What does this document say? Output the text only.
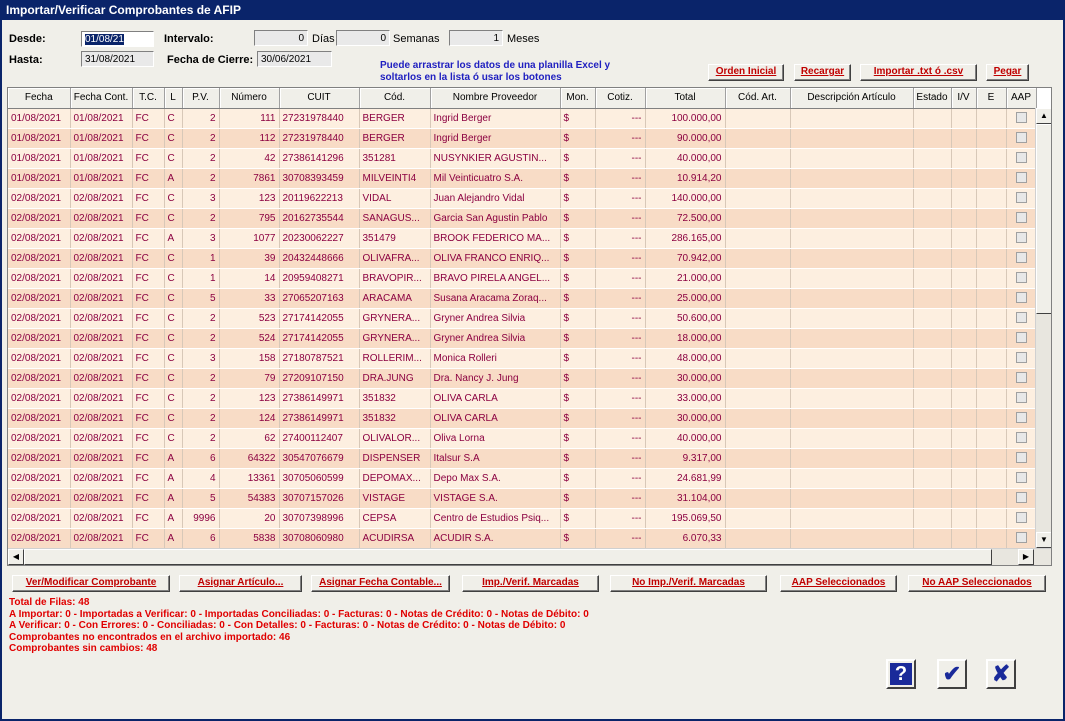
Importar/Verificar Comprobantes de AFIP
Desde:	01/08/21
Hasta:	31/08/2021
Intervalo:	0 Días	0 Semanas	1 Meses
Fecha de Cierre: 30/06/2021
Puede arrastrar los datos de una planilla Excel y soltarlos en la lista ó usar los botones
Orden Inicial	Recargar	Importar .txt ó .csv	Pegar
Fecha	Fecha Cont.	T.C.	L	P.V.	Número	CUIT	Cód.	Nombre Proveedor	Mon.	Cotiz.	Total	Cód. Art.	Descripción Artículo	Estado	I/V	E	AAP
01/08/2021	01/08/2021	FC	C	2	111	27231978440	BERGER	Ingrid Berger	$	---	100.000,00						
01/08/2021	01/08/2021	FC	C	2	112	27231978440	BERGER	Ingrid Berger	$	---	90.000,00						
01/08/2021	01/08/2021	FC	C	2	42	27386141296	351281	NUSYNKIER AGUSTIN...	$	---	40.000,00						
01/08/2021	01/08/2021	FC	A	2	7861	30708393459	MILVEINTI4	Mil Veinticuatro S.A.	$	---	10.914,20						
02/08/2021	02/08/2021	FC	C	3	123	20119622213	VIDAL	Juan Alejandro Vidal	$	---	140.000,00						
02/08/2021	02/08/2021	FC	C	2	795	20162735544	SANAGUS...	Garcia San Agustin Pablo	$	---	72.500,00						
02/08/2021	02/08/2021	FC	A	3	1077	20230062227	351479	BROOK FEDERICO MA...	$	---	286.165,00						
02/08/2021	02/08/2021	FC	C	1	39	20432448666	OLIVAFRA...	OLIVA FRANCO ENRIQ...	$	---	70.942,00						
02/08/2021	02/08/2021	FC	C	1	14	20959408271	BRAVOPIR...	BRAVO PIRELA ANGEL...	$	---	21.000,00						
02/08/2021	02/08/2021	FC	C	5	33	27065207163	ARACAMA	Susana Aracama Zoraq...	$	---	25.000,00						
02/08/2021	02/08/2021	FC	C	2	523	27174142055	GRYNERA...	Gryner Andrea Silvia	$	---	50.600,00						
02/08/2021	02/08/2021	FC	C	2	524	27174142055	GRYNERA...	Gryner Andrea Silvia	$	---	18.000,00						
02/08/2021	02/08/2021	FC	C	3	158	27180787521	ROLLERIM...	Monica Rolleri	$	---	48.000,00						
02/08/2021	02/08/2021	FC	C	2	79	27209107150	DRA.JUNG	Dra. Nancy J. Jung	$	---	30.000,00						
02/08/2021	02/08/2021	FC	C	2	123	27386149971	351832	OLIVA CARLA	$	---	33.000,00						
02/08/2021	02/08/2021	FC	C	2	124	27386149971	351832	OLIVA CARLA	$	---	30.000,00						
02/08/2021	02/08/2021	FC	C	2	62	27400112407	OLIVALOR...	Oliva Lorna	$	---	40.000,00						
02/08/2021	02/08/2021	FC	A	6	64322	30547076679	DISPENSER	Italsur S.A	$	---	9.317,00						
02/08/2021	02/08/2021	FC	A	4	13361	30705060599	DEPOMAX...	Depo Max S.A.	$	---	24.681,99						
02/08/2021	02/08/2021	FC	A	5	54383	30707157026	VISTAGE	VISTAGE S.A.	$	---	31.104,00						
02/08/2021	02/08/2021	FC	A	9996	20	30707398996	CEPSA	Centro de Estudios Psiq...	$	---	195.069,50						
02/08/2021	02/08/2021	FC	A	6	5838	30708060980	ACUDIRSA	ACUDIR S.A.	$	---	6.070,33						
▲
▼
◀	▶
Ver/Modificar Comprobante	Asignar Artículo...	Asignar Fecha Contable...	Imp./Verif. Marcadas	No Imp./Verif. Marcadas	AAP Seleccionados	No AAP Seleccionados
Total de Filas: 48
A Importar: 0 - Importadas a Verificar: 0 - Importadas Conciliadas: 0 - Facturas: 0 - Notas de Crédito: 0 - Notas de Débito: 0
A Verificar: 0 - Con Errores: 0 - Conciliadas: 0 - Con Detalles: 0 - Facturas: 0 - Notas de Crédito: 0 - Notas de Débito: 0
Comprobantes no encontrados en el archivo importado: 46
Comprobantes sin cambios: 48
? ✔ ✘
